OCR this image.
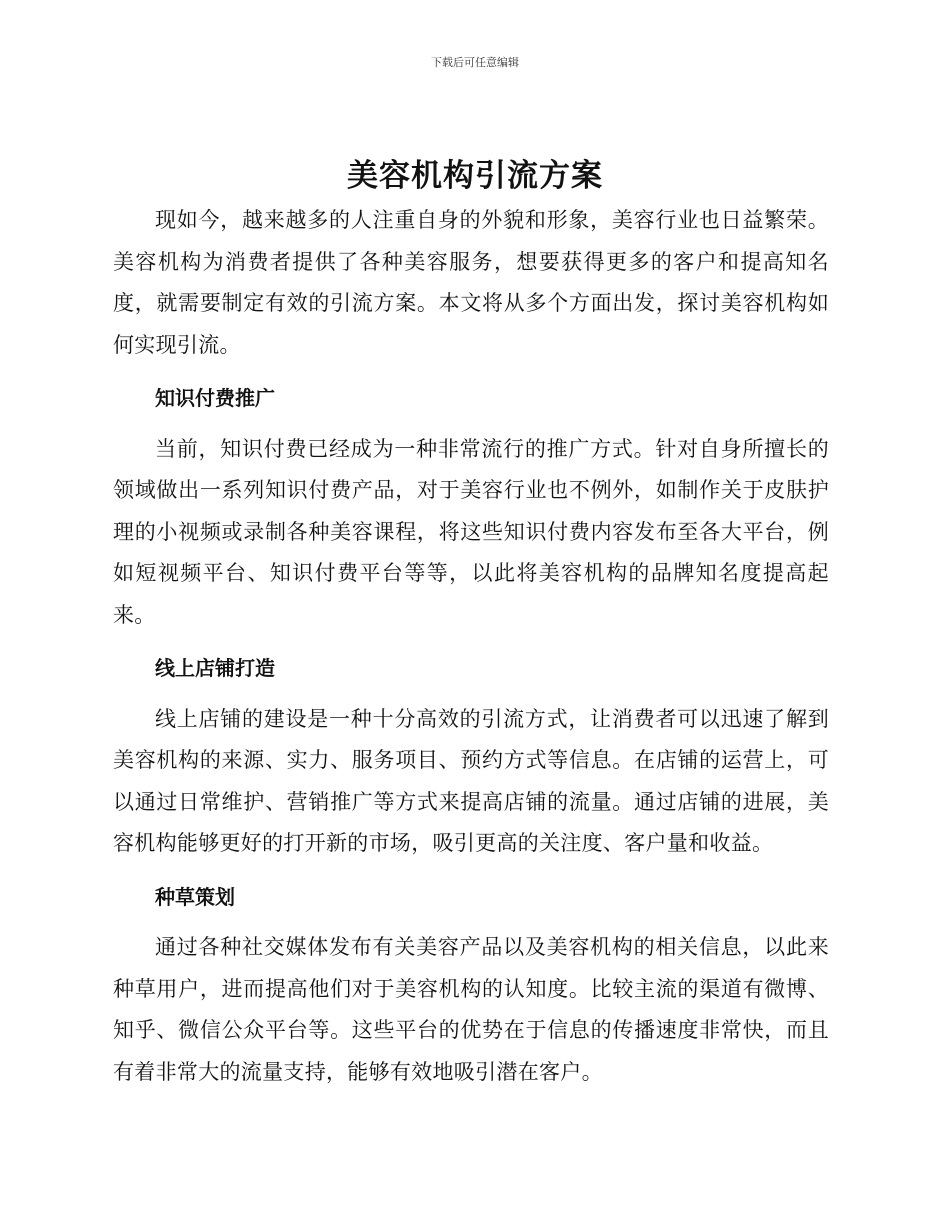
下载后可任意编辑
美容机构引流方案

现如今，越来越多的人注重自身的外貌和形象，美容行业也日益繁荣。美容机构为消费者提供了各种美容服务，想要获得更多的客户和提高知名度，就需要制定有效的引流方案。本文将从多个方面出发，探讨美容机构如何实现引流。

知识付费推广

当前，知识付费已经成为一种非常流行的推广方式。针对自身所擅长的领域做出一系列知识付费产品，对于美容行业也不例外，如制作关于皮肤护理的小视频或录制各种美容课程，将这些知识付费内容发布至各大平台，例如短视频平台、知识付费平台等等，以此将美容机构的品牌知名度提高起来。

线上店铺打造

线上店铺的建设是一种十分高效的引流方式，让消费者可以迅速了解到美容机构的来源、实力、服务项目、预约方式等信息。在店铺的运营上，可以通过日常维护、营销推广等方式来提高店铺的流量。通过店铺的进展，美容机构能够更好的打开新的市场，吸引更高的关注度、客户量和收益。

种草策划

通过各种社交媒体发布有关美容产品以及美容机构的相关信息，以此来种草用户，进而提高他们对于美容机构的认知度。比较主流的渠道有微博、知乎、微信公众平台等。这些平台的优势在于信息的传播速度非常快，而且有着非常大的流量支持，能够有效地吸引潜在客户。
